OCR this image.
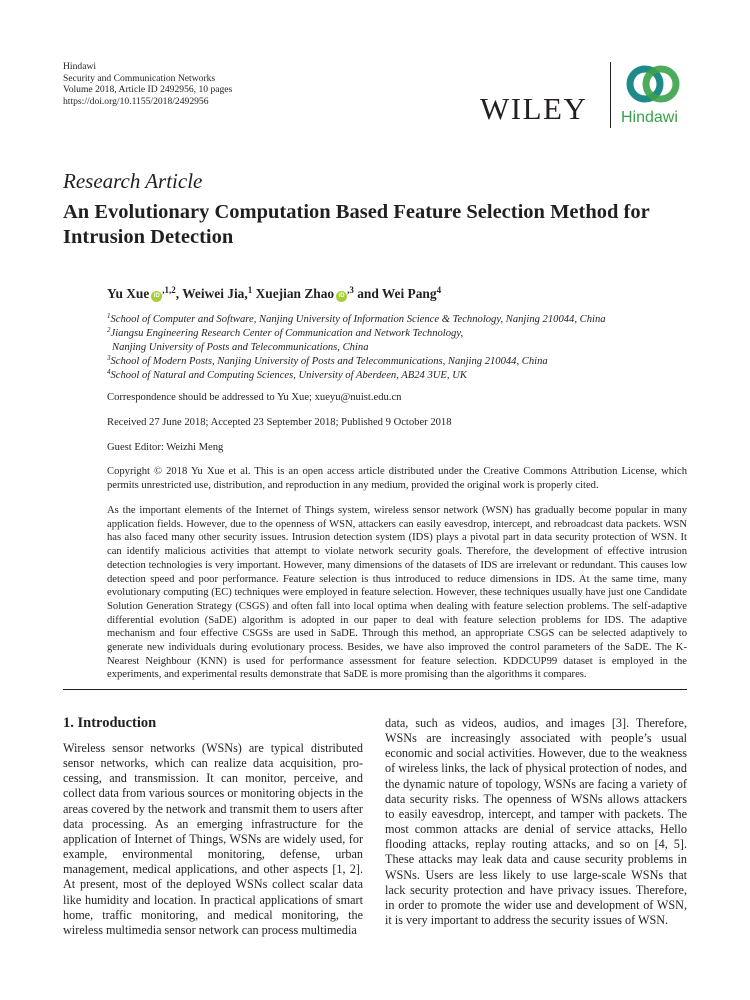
Hindawi
Security and Communication Networks
Volume 2018, Article ID 2492956, 10 pages
https://doi.org/10.1155/2018/2492956	WILEY Hindawi
Research Article
An Evolutionary Computation Based Feature Selection Method for Intrusion Detection
Yu Xue $iD^{,1,2}$, Weiwei Jia,$^1$ Xuejian Zhao $iD^{,3}$ and Wei Pang$^4$
$^1$School of Computer and Software, Nanjing University of Information Science & Technology, Nanjing 210044, China
$^2$Jiangsu Engineering Research Center of Communication and Network Technology,
Nanjing University of Posts and Telecommunications, China
$^3$School of Modern Posts, Nanjing University of Posts and Telecommunications, Nanjing 210044, China
$^4$School of Natural and Computing Sciences, University of Aberdeen, AB24 3UE, UK
Correspondence should be addressed to Yu Xue; xueyu@nuist.edu.cn
Received 27 June 2018; Accepted 23 September 2018; Published 9 October 2018
Guest Editor: Weizhi Meng
Copyright © 2018 Yu Xue et al. This is an open access article distributed under the Creative Commons Attribution License, which permits unrestricted use, distribution, and reproduction in any medium, provided the original work is properly cited.
As the important elements of the Internet of Things system, wireless sensor network (WSN) has gradually become popular in many application fields. However, due to the openness of WSN, attackers can easily eavesdrop, intercept, and rebroadcast data packets. WSN has also faced many other security issues. Intrusion detection system (IDS) plays a pivotal part in data security protection of WSN. It can identify malicious activities that attempt to violate network security goals. Therefore, the development of effective intrusion detection technologies is very important. However, many dimensions of the datasets of IDS are irrelevant or redundant. This causes low detection speed and poor performance. Feature selection is thus introduced to reduce dimensions in IDS. At the same time, many evolutionary computing (EC) techniques were employed in feature selection. However, these techniques usually have just one Candidate Solution Generation Strategy (CSGS) and often fall into local optima when dealing with feature selection problems. The self-adaptive differential evolution (SaDE) algorithm is adopted in our paper to deal with feature selection problems for IDS. The adaptive mechanism and four effective CSGSs are used in SaDE. Through this method, an appropriate CSGS can be selected adaptively to generate new individuals during evolutionary process. Besides, we have also improved the control parameters of the SaDE. The K-Nearest Neighbour (KNN) is used for performance assessment for feature selection. KDDCUP99 dataset is employed in the experiments, and experimental results demonstrate that SaDE is more promising than the algorithms it compares.
1. Introduction
Wireless sensor networks (WSNs) are typical distributed sensor networks, which can realize data acquisition, processing, and transmission. It can monitor, perceive, and collect data from various sources or monitoring objects in the areas covered by the network and transmit them to users after data processing. As an emerging infrastructure for the application of Internet of Things, WSNs are widely used, for example, environmental monitoring, defense, urban management, medical applications, and other aspects [1, 2]. At present, most of the deployed WSNs collect scalar data like humidity and location. In practical applications of smart home, traffic monitoring, and medical monitoring, the wireless multimedia sensor network can process multimedia
data, such as videos, audios, and images [3]. Therefore, WSNs are increasingly associated with people’s usual economic and social activities. However, due to the weakness of wireless links, the lack of physical protection of nodes, and the dynamic nature of topology, WSNs are facing a variety of data security risks. The openness of WSNs allows attackers to easily eavesdrop, intercept, and tamper with packets. The most common attacks are denial of service attacks, Hello flooding attacks, replay routing attacks, and so on [4, 5]. These attacks may leak data and cause security problems in WSNs. Users are less likely to use large-scale WSNs that lack security protection and have privacy issues. Therefore, in order to promote the wider use and development of WSN, it is very important to address the security issues of WSN.
